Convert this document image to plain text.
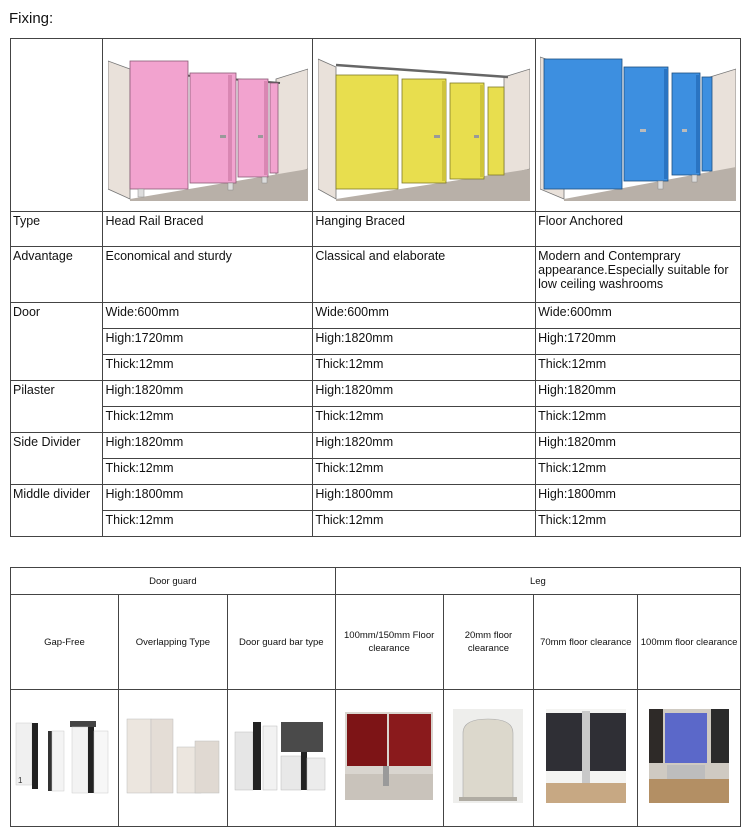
Fixing:

Type	Head Rail Braced	Hanging Braced	Floor Anchored
Advantage	Economical and sturdy	Classical and elaborate	Modern and Contemprary appearance.Especially suitable for low ceiling washrooms
Door	Wide:600mm	Wide:600mm	Wide:600mm
	High:1720mm	High:1820mm	High:1720mm
	Thick:12mm	Thick:12mm	Thick:12mm
Pilaster	High:1820mm	High:1820mm	High:1820mm
	Thick:12mm	Thick:12mm	Thick:12mm
Side Divider	High:1820mm	High:1820mm	High:1820mm
	Thick:12mm	Thick:12mm	Thick:12mm
Middle divider	High:1800mm	High:1800mm	High:1800mm
	Thick:12mm	Thick:12mm	Thick:12mm
Door guard			Leg			
Gap-Free	Overlapping Type	Door guard bar type	100mm/150mm Floor clearance	20mm floor clearance	70mm floor clearance	100mm floor clearance

1
